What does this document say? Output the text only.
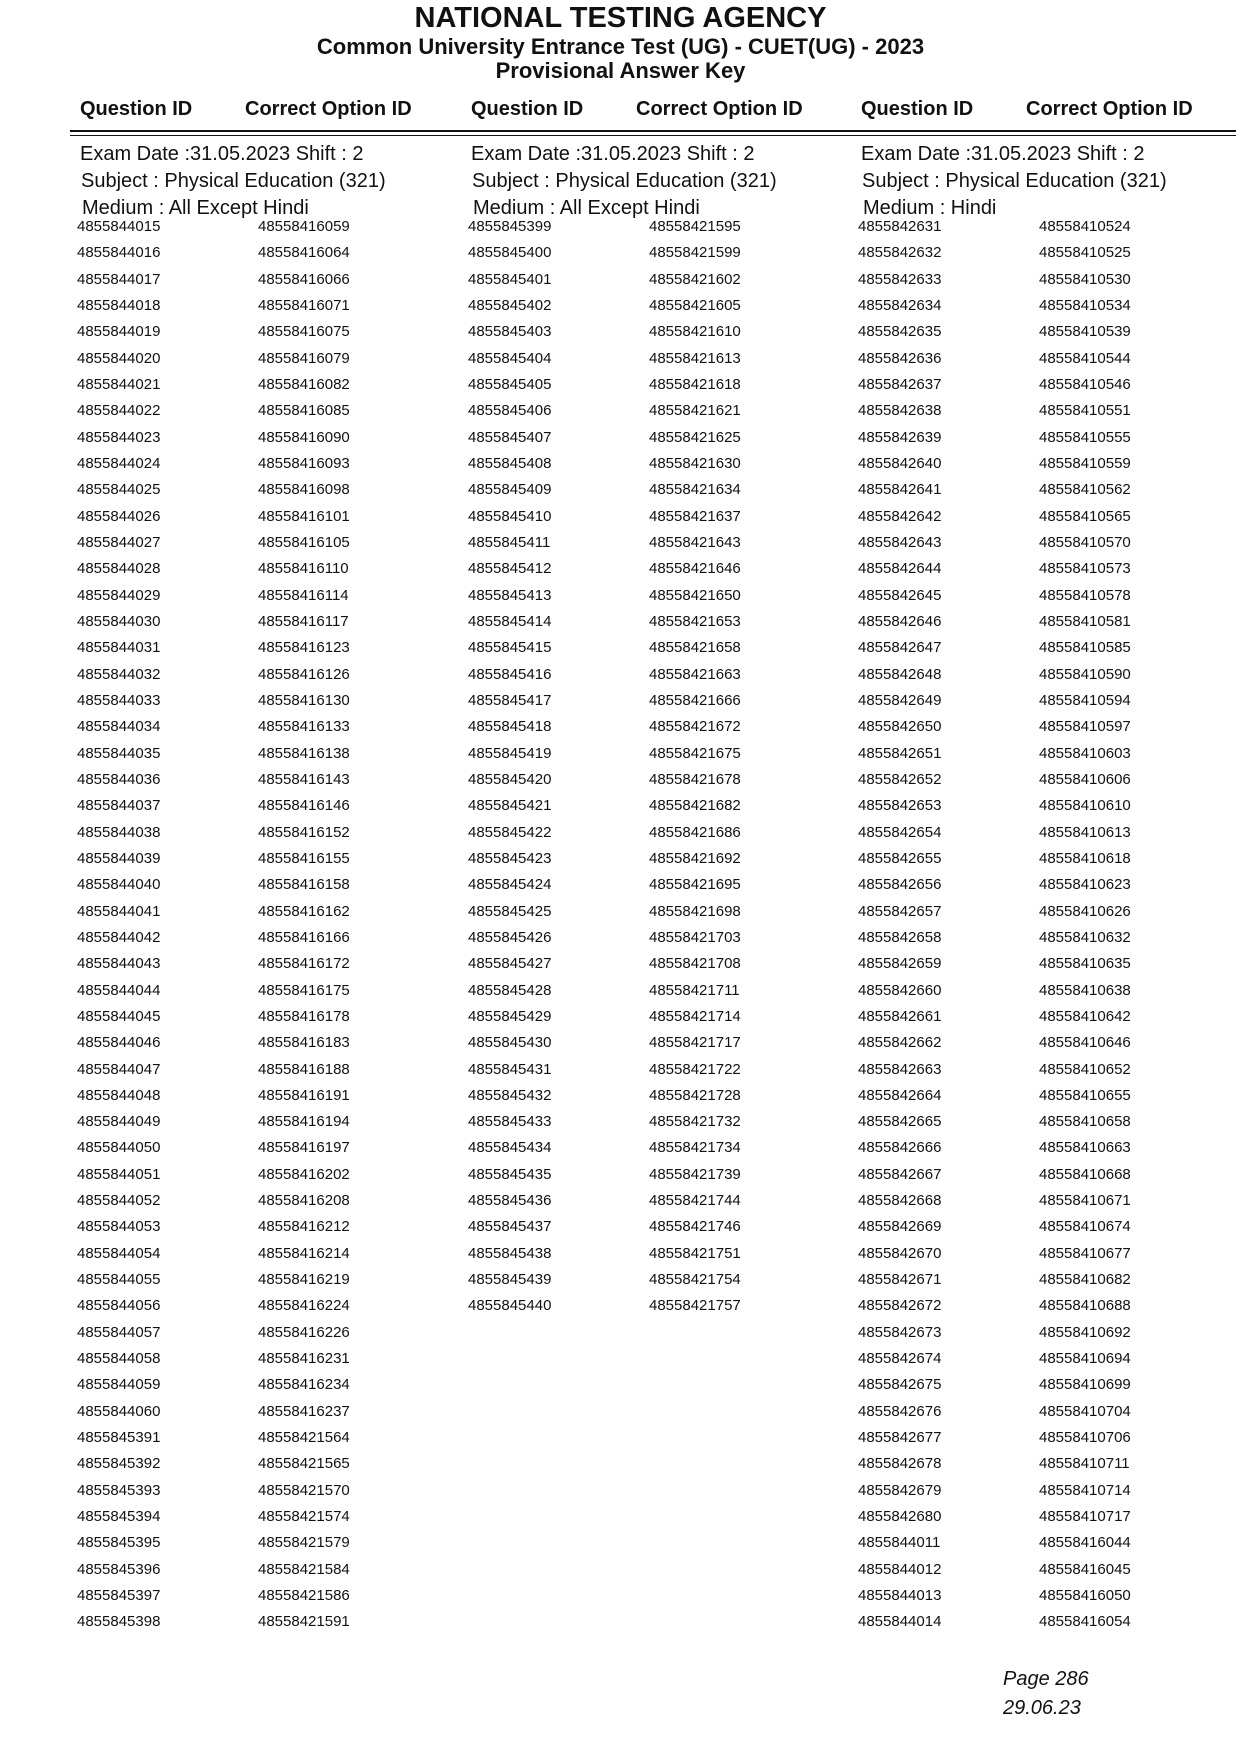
NATIONAL TESTING AGENCY
Common University Entrance Test (UG) - CUET(UG) - 2023
Provisional Answer Key
Question ID	Correct Option ID	Question ID	Correct Option ID	Question ID	Correct Option ID
Exam Date :31.05.2023 Shift : 2
Subject : Physical Education (321)
Medium : All Except Hindi
Exam Date :31.05.2023 Shift : 2
Subject : Physical Education (321)
Medium : All Except Hindi
Exam Date :31.05.2023 Shift : 2
Subject : Physical Education (321)
Medium : Hindi
4855844015	48558416059
4855844016	48558416064
4855844017	48558416066
4855844018	48558416071
4855844019	48558416075
4855844020	48558416079
4855844021	48558416082
4855844022	48558416085
4855844023	48558416090
4855844024	48558416093
4855844025	48558416098
4855844026	48558416101
4855844027	48558416105
4855844028	48558416110
4855844029	48558416114
4855844030	48558416117
4855844031	48558416123
4855844032	48558416126
4855844033	48558416130
4855844034	48558416133
4855844035	48558416138
4855844036	48558416143
4855844037	48558416146
4855844038	48558416152
4855844039	48558416155
4855844040	48558416158
4855844041	48558416162
4855844042	48558416166
4855844043	48558416172
4855844044	48558416175
4855844045	48558416178
4855844046	48558416183
4855844047	48558416188
4855844048	48558416191
4855844049	48558416194
4855844050	48558416197
4855844051	48558416202
4855844052	48558416208
4855844053	48558416212
4855844054	48558416214
4855844055	48558416219
4855844056	48558416224
4855844057	48558416226
4855844058	48558416231
4855844059	48558416234
4855844060	48558416237
4855845391	48558421564
4855845392	48558421565
4855845393	48558421570
4855845394	48558421574
4855845395	48558421579
4855845396	48558421584
4855845397	48558421586
4855845398	48558421591
4855845399	48558421595
4855845400	48558421599
4855845401	48558421602
4855845402	48558421605
4855845403	48558421610
4855845404	48558421613
4855845405	48558421618
4855845406	48558421621
4855845407	48558421625
4855845408	48558421630
4855845409	48558421634
4855845410	48558421637
4855845411	48558421643
4855845412	48558421646
4855845413	48558421650
4855845414	48558421653
4855845415	48558421658
4855845416	48558421663
4855845417	48558421666
4855845418	48558421672
4855845419	48558421675
4855845420	48558421678
4855845421	48558421682
4855845422	48558421686
4855845423	48558421692
4855845424	48558421695
4855845425	48558421698
4855845426	48558421703
4855845427	48558421708
4855845428	48558421711
4855845429	48558421714
4855845430	48558421717
4855845431	48558421722
4855845432	48558421728
4855845433	48558421732
4855845434	48558421734
4855845435	48558421739
4855845436	48558421744
4855845437	48558421746
4855845438	48558421751
4855845439	48558421754
4855845440	48558421757
4855842631	48558410524
4855842632	48558410525
4855842633	48558410530
4855842634	48558410534
4855842635	48558410539
4855842636	48558410544
4855842637	48558410546
4855842638	48558410551
4855842639	48558410555
4855842640	48558410559
4855842641	48558410562
4855842642	48558410565
4855842643	48558410570
4855842644	48558410573
4855842645	48558410578
4855842646	48558410581
4855842647	48558410585
4855842648	48558410590
4855842649	48558410594
4855842650	48558410597
4855842651	48558410603
4855842652	48558410606
4855842653	48558410610
4855842654	48558410613
4855842655	48558410618
4855842656	48558410623
4855842657	48558410626
4855842658	48558410632
4855842659	48558410635
4855842660	48558410638
4855842661	48558410642
4855842662	48558410646
4855842663	48558410652
4855842664	48558410655
4855842665	48558410658
4855842666	48558410663
4855842667	48558410668
4855842668	48558410671
4855842669	48558410674
4855842670	48558410677
4855842671	48558410682
4855842672	48558410688
4855842673	48558410692
4855842674	48558410694
4855842675	48558410699
4855842676	48558410704
4855842677	48558410706
4855842678	48558410711
4855842679	48558410714
4855842680	48558410717
4855844011	48558416044
4855844012	48558416045
4855844013	48558416050
4855844014	48558416054
Page 286
29.06.23
